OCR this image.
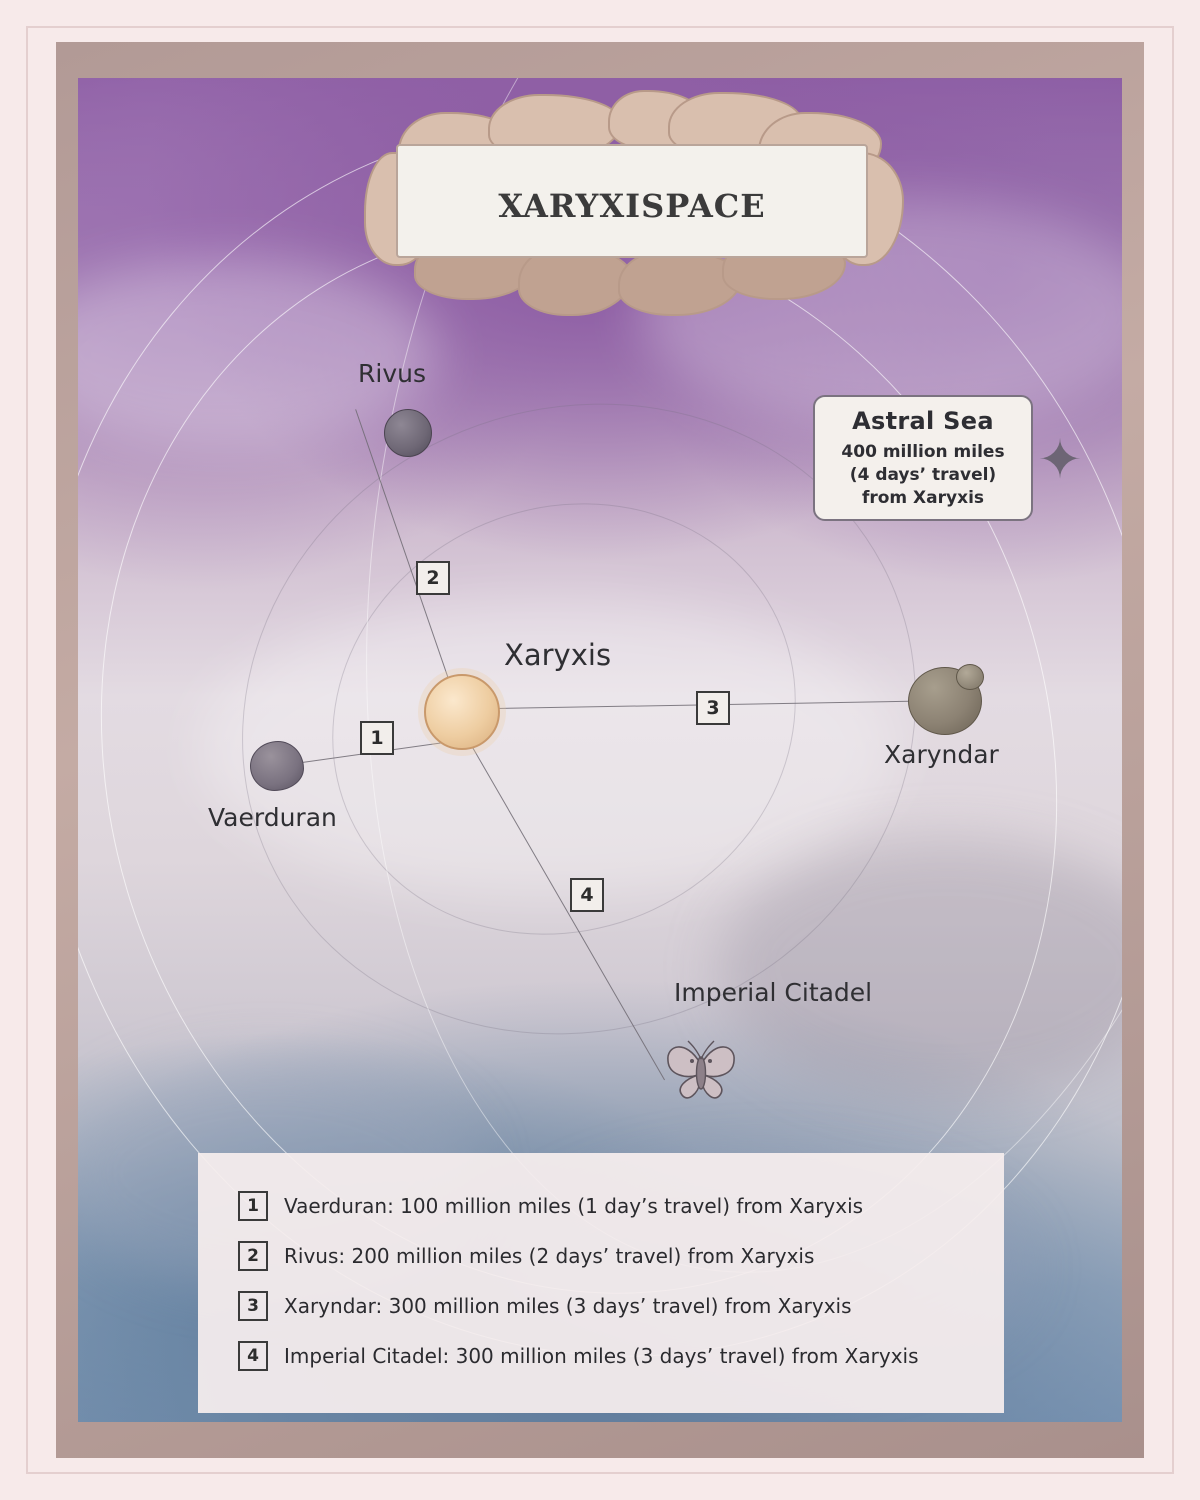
Xaryxis
Rivus
Vaerduran
Xaryndar
Imperial Citadel
1
2
3
4
Astral Sea
400 million miles
(4 days’ travel)
from Xaryxis
✦
xaryxispace
1	Vaerduran: 100 million miles (1 day’s travel) from Xaryxis
2	Rivus: 200 million miles (2 days’ travel) from Xaryxis
3	Xaryndar: 300 million miles (3 days’ travel) from Xaryxis
4	Imperial Citadel: 300 million miles (3 days’ travel) from Xaryxis
